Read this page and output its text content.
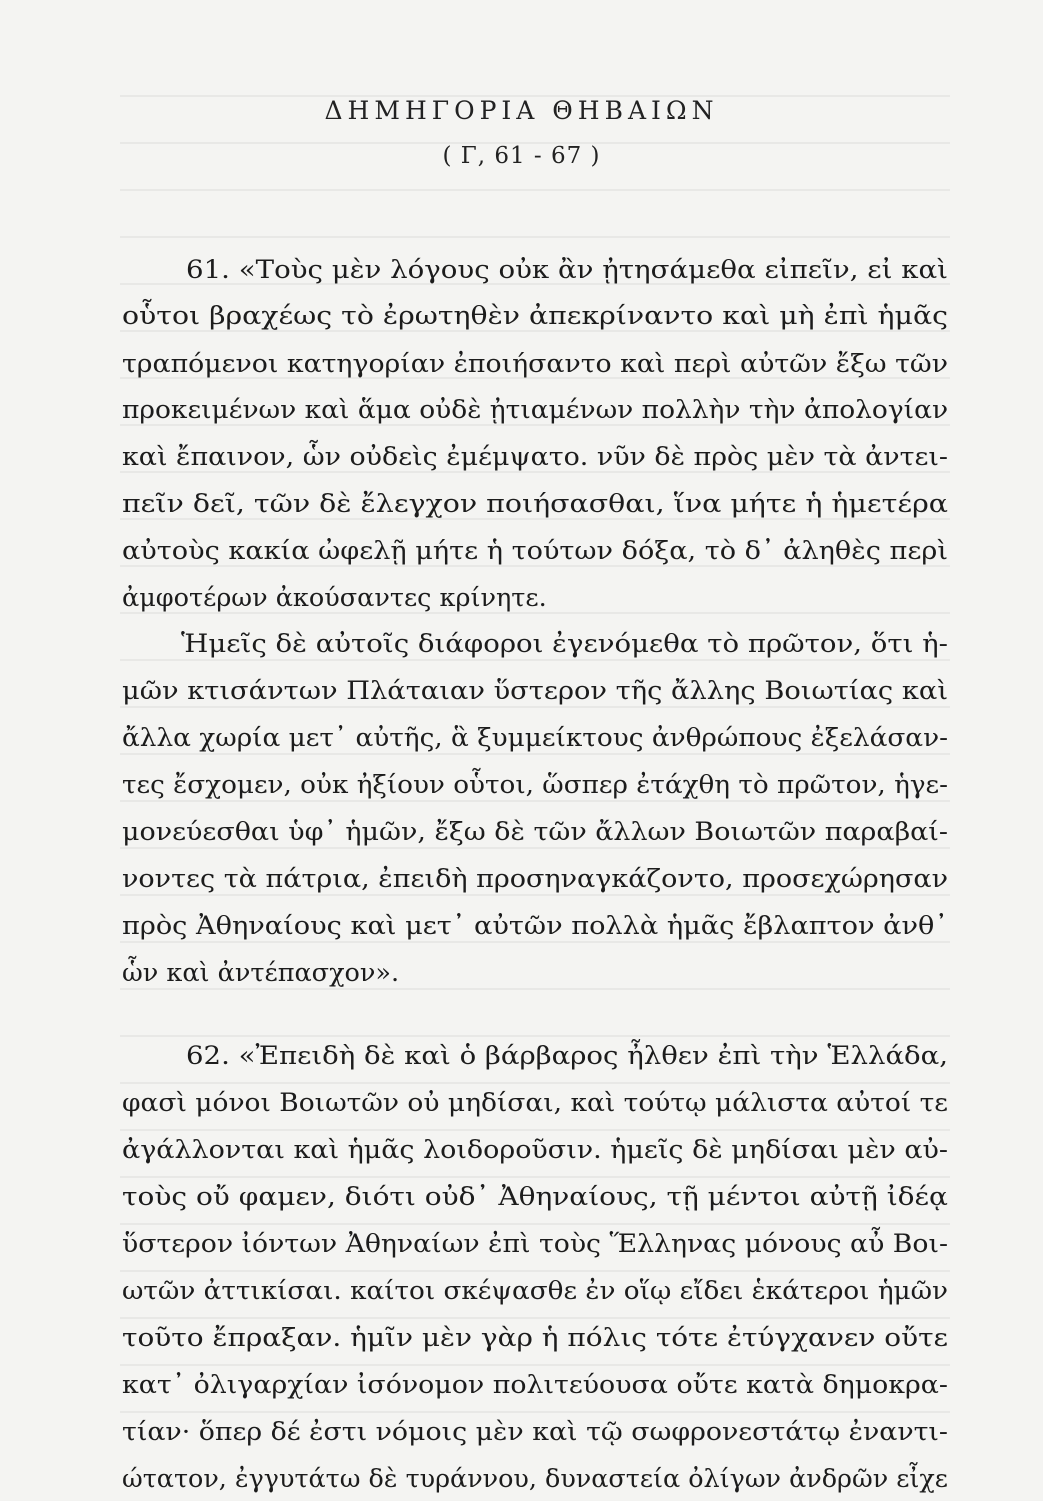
ΔΗΜΗΓΟΡΙΑ ΘΗΒΑΙΩΝ
( Γ, 61 - 67 )
61. «Τοὺς μὲν λόγους οὐκ ἂν ᾐτησάμεθα εἰπεῖν, εἰ καὶ
οὗτοι βραχέως τὸ ἐρωτηθὲν ἀπεκρίναντο καὶ μὴ ἐπὶ ἡμᾶς
τραπόμενοι κατηγορίαν ἐποιήσαντο καὶ περὶ αὐτῶν ἔξω τῶν
προκειμένων καὶ ἅμα οὐδὲ ᾐτιαμένων πολλὴν τὴν ἀπολογίαν
καὶ ἔπαινον, ὧν οὐδεὶς ἐμέμψατο. νῦν δὲ πρὸς μὲν τὰ ἀντει-
πεῖν δεῖ, τῶν δὲ ἔλεγχον ποιήσασθαι, ἵνα μήτε ἡ ἡμετέρα
αὐτοὺς κακία ὠφελῇ μήτε ἡ τούτων δόξα, τὸ δ᾽ ἀληθὲς περὶ
ἀμφοτέρων ἀκούσαντες κρίνητε.
Ἡμεῖς δὲ αὐτοῖς διάφοροι ἐγενόμεθα τὸ πρῶτον, ὅτι ἡ-
μῶν κτισάντων Πλάταιαν ὕστερον τῆς ἄλλης Βοιωτίας καὶ
ἄλλα χωρία μετ᾽ αὐτῆς, ἃ ξυμμείκτους ἀνθρώπους ἐξελάσαν-
τες ἔσχομεν, οὐκ ἠξίουν οὗτοι, ὥσπερ ἐτάχθη τὸ πρῶτον, ἡγε-
μονεύεσθαι ὑφ᾽ ἡμῶν, ἔξω δὲ τῶν ἄλλων Βοιωτῶν παραβαί-
νοντες τὰ πάτρια, ἐπειδὴ προσηναγκάζοντο, προσεχώρησαν
πρὸς Ἀθηναίους καὶ μετ᾽ αὐτῶν πολλὰ ἡμᾶς ἔβλαπτον ἀνθ᾽
ὧν καὶ ἀντέπασχον».
62. «Ἐπειδὴ δὲ καὶ ὁ βάρβαρος ἦλθεν ἐπὶ τὴν Ἑλλάδα,
φασὶ μόνοι Βοιωτῶν οὐ μηδίσαι, καὶ τούτῳ μάλιστα αὐτοί τε
ἀγάλλονται καὶ ἡμᾶς λοιδοροῦσιν. ἡμεῖς δὲ μηδίσαι μὲν αὐ-
τοὺς οὔ φαμεν, διότι οὐδ᾽ Ἀθηναίους, τῇ μέντοι αὐτῇ ἰδέᾳ
ὕστερον ἰόντων Ἀθηναίων ἐπὶ τοὺς Ἕλληνας μόνους αὖ Βοι-
ωτῶν ἀττικίσαι. καίτοι σκέψασθε ἐν οἵῳ εἴδει ἑκάτεροι ἡμῶν
τοῦτο ἔπραξαν. ἡμῖν μὲν γὰρ ἡ πόλις τότε ἐτύγχανεν οὔτε
κατ᾽ ὀλιγαρχίαν ἰσόνομον πολιτεύουσα οὔτε κατὰ δημοκρα-
τίαν· ὅπερ δέ ἐστι νόμοις μὲν καὶ τῷ σωφρονεστάτῳ ἐναντι-
ώτατον, ἐγγυτάτω δὲ τυράννου, δυναστεία ὀλίγων ἀνδρῶν εἶχε
